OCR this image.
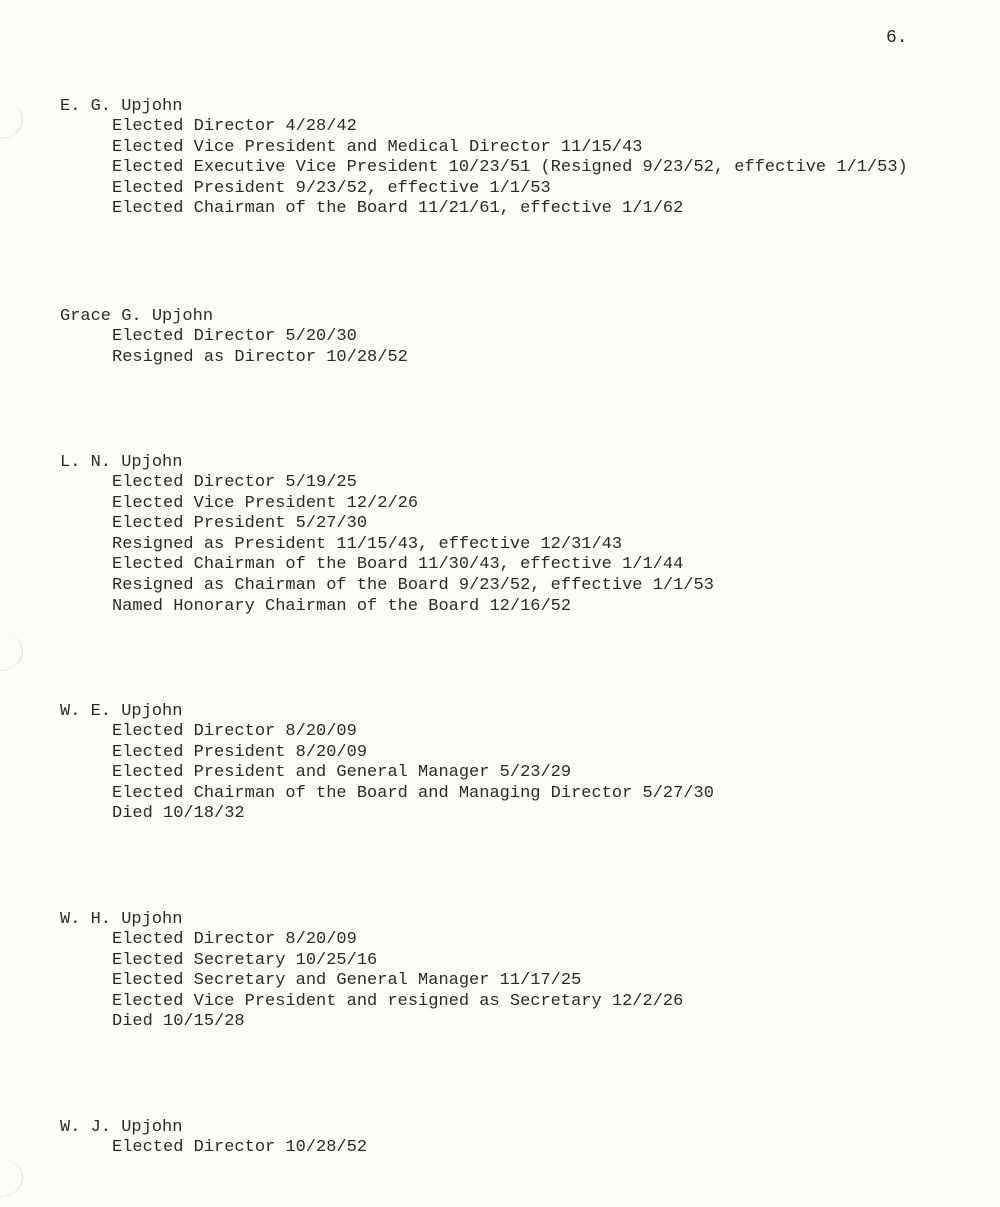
6.
E. G. Upjohn
Elected Director 4/28/42
Elected Vice President and Medical Director 11/15/43
Elected Executive Vice President 10/23/51 (Resigned 9/23/52, effective 1/1/53)
Elected President 9/23/52, effective 1/1/53
Elected Chairman of the Board 11/21/61, effective 1/1/62
Grace G. Upjohn
Elected Director 5/20/30
Resigned as Director 10/28/52
L. N. Upjohn
Elected Director 5/19/25
Elected Vice President 12/2/26
Elected President 5/27/30
Resigned as President 11/15/43, effective 12/31/43
Elected Chairman of the Board 11/30/43, effective 1/1/44
Resigned as Chairman of the Board 9/23/52, effective 1/1/53
Named Honorary Chairman of the Board 12/16/52
W. E. Upjohn
Elected Director 8/20/09
Elected President 8/20/09
Elected President and General Manager 5/23/29
Elected Chairman of the Board and Managing Director 5/27/30
Died 10/18/32
W. H. Upjohn
Elected Director 8/20/09
Elected Secretary 10/25/16
Elected Secretary and General Manager 11/17/25
Elected Vice President and resigned as Secretary 12/2/26
Died 10/15/28
W. J. Upjohn
Elected Director 10/28/52
